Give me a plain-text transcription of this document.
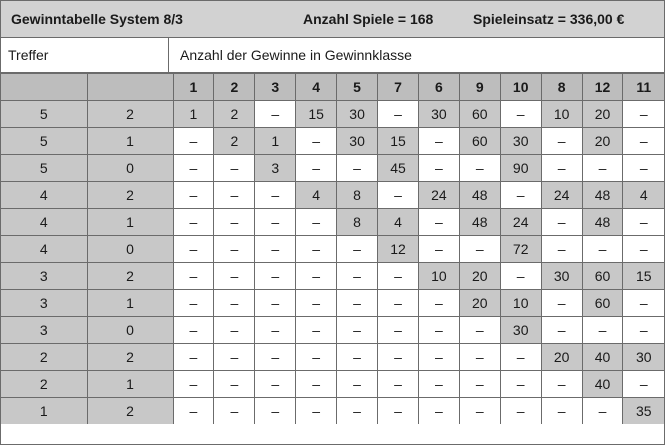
Gewinntabelle System 8/3	Anzahl Spiele = 168	Spieleinsatz = 336,00 €
Treffer	Anzahl der Gewinne in Gewinnklasse
		1	2	3	4	5	7	6	9	10	8	12	11
5	2	1	2	–	15	30	–	30	60	–	10	20	–
5	1	–	2	1	–	30	15	–	60	30	–	20	–
5	0	–	–	3	–	–	45	–	–	90	–	–	–
4	2	–	–	–	4	8	–	24	48	–	24	48	4
4	1	–	–	–	–	8	4	–	48	24	–	48	–
4	0	–	–	–	–	–	12	–	–	72	–	–	–
3	2	–	–	–	–	–	–	10	20	–	30	60	15
3	1	–	–	–	–	–	–	–	20	10	–	60	–
3	0	–	–	–	–	–	–	–	–	30	–	–	–
2	2	–	–	–	–	–	–	–	–	–	20	40	30
2	1	–	–	–	–	–	–	–	–	–	–	40	–
1	2	–	–	–	–	–	–	–	–	–	–	–	35
